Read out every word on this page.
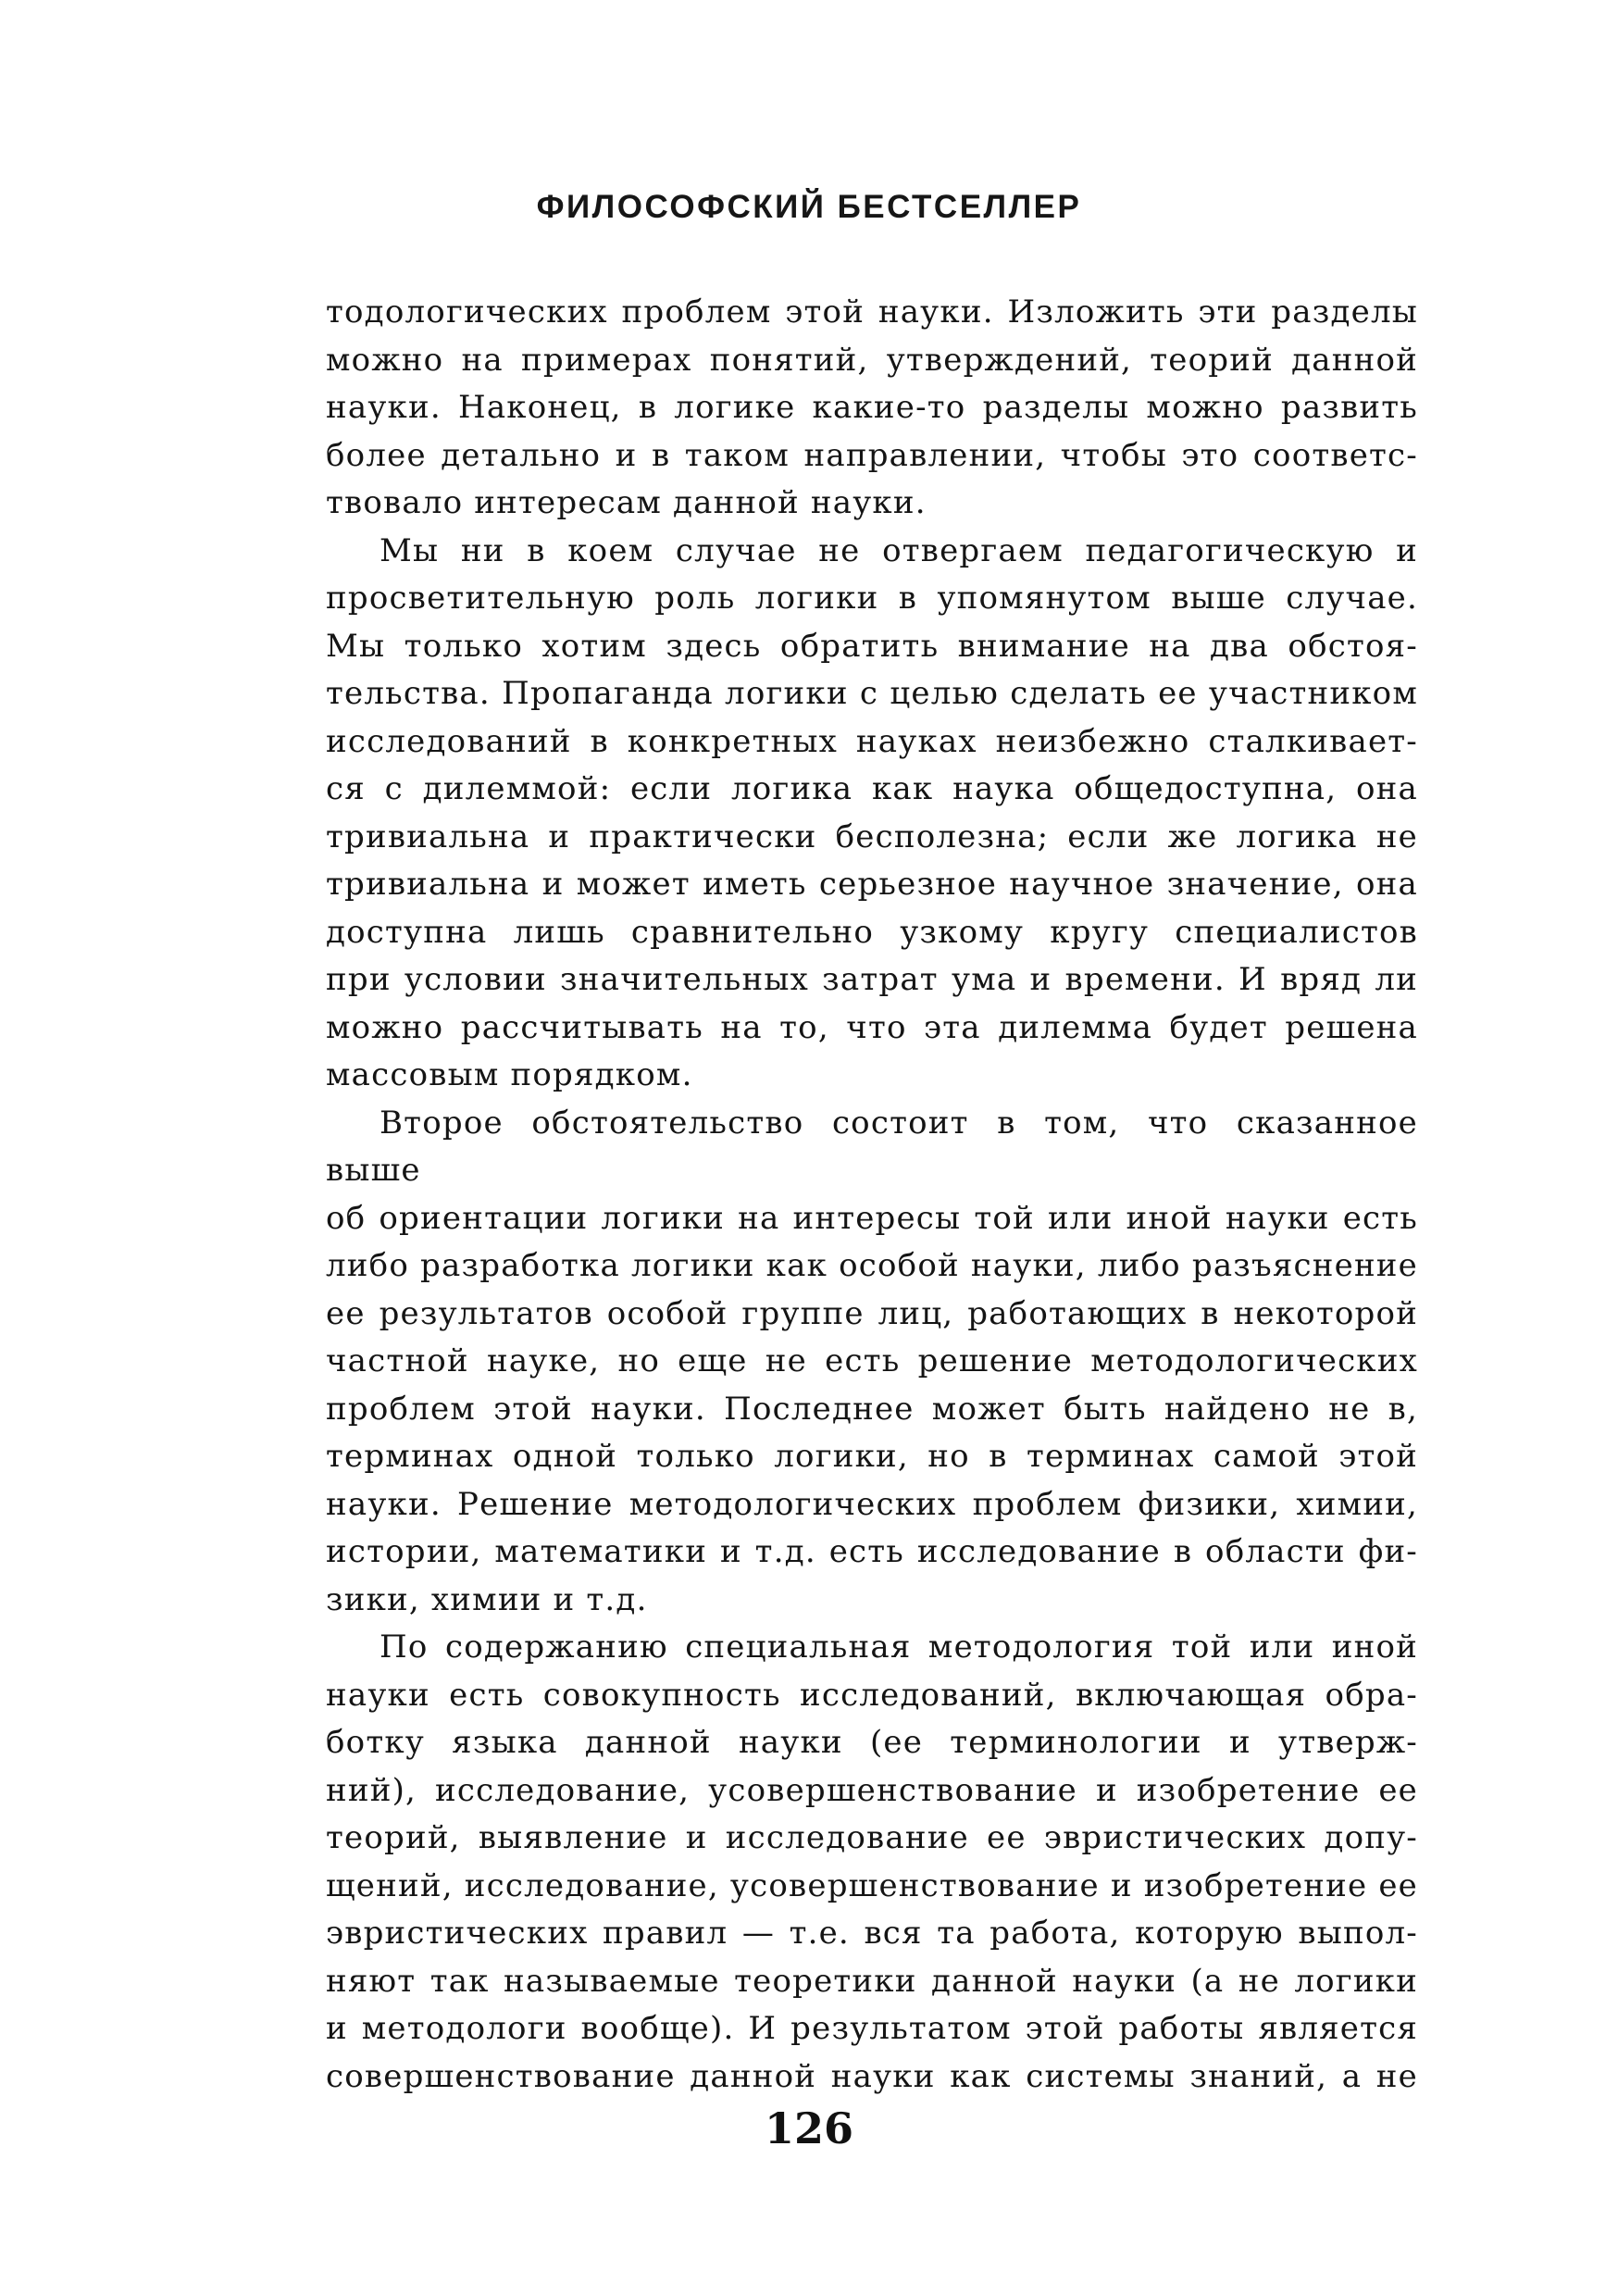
ФИЛОСОФСКИЙ БЕСТСЕЛЛЕР
тодологических проблем этой науки. Изложить эти разделы
можно на примерах понятий, утверждений, теорий данной
науки. Наконец, в логике какие-то разделы можно развить
более детально и в таком направлении, чтобы это соответс-
твовало интересам данной науки.
Мы ни в коем случае не отвергаем педагогическую и
просветительную роль логики в упомянутом выше случае.
Мы только хотим здесь обратить внимание на два обстоя-
тельства. Пропаганда логики с целью сделать ее участником
исследований в конкретных науках неизбежно сталкивает-
ся с дилеммой: если логика как наука общедоступна, она
тривиальна и практически бесполезна; если же логика не
тривиальна и может иметь серьезное научное значение, она
доступна лишь сравнительно узкому кругу специалистов
при условии значительных затрат ума и времени. И вряд ли
можно рассчитывать на то, что эта дилемма будет решена
массовым порядком.
Второе обстоятельство состоит в том, что сказанное выше
об ориентации логики на интересы той или иной науки есть
либо разработка логики как особой науки, либо разъяснение
ее результатов особой группе лиц, работающих в некоторой
частной науке, но еще не есть решение методологических
проблем этой науки. Последнее может быть найдено не в,
терминах одной только логики, но в терминах самой этой
науки. Решение методологических проблем физики, химии,
истории, математики и т.д. есть исследование в области фи-
зики, химии и т.д.
По содержанию специальная методология той или иной
науки есть совокупность исследований, включающая обра-
ботку языка данной науки (ее терминологии и утверж-
ний), исследование, усовершенствование и изобретение ее
теорий, выявление и исследование ее эвристических допу-
щений, исследование, усовершенствование и изобретение ее
эвристических правил — т.е. вся та работа, которую выпол-
няют так называемые теоретики данной науки (а не логики
и методологи вообще). И результатом этой работы является
совершенствование данной науки как системы знаний, а не
126
